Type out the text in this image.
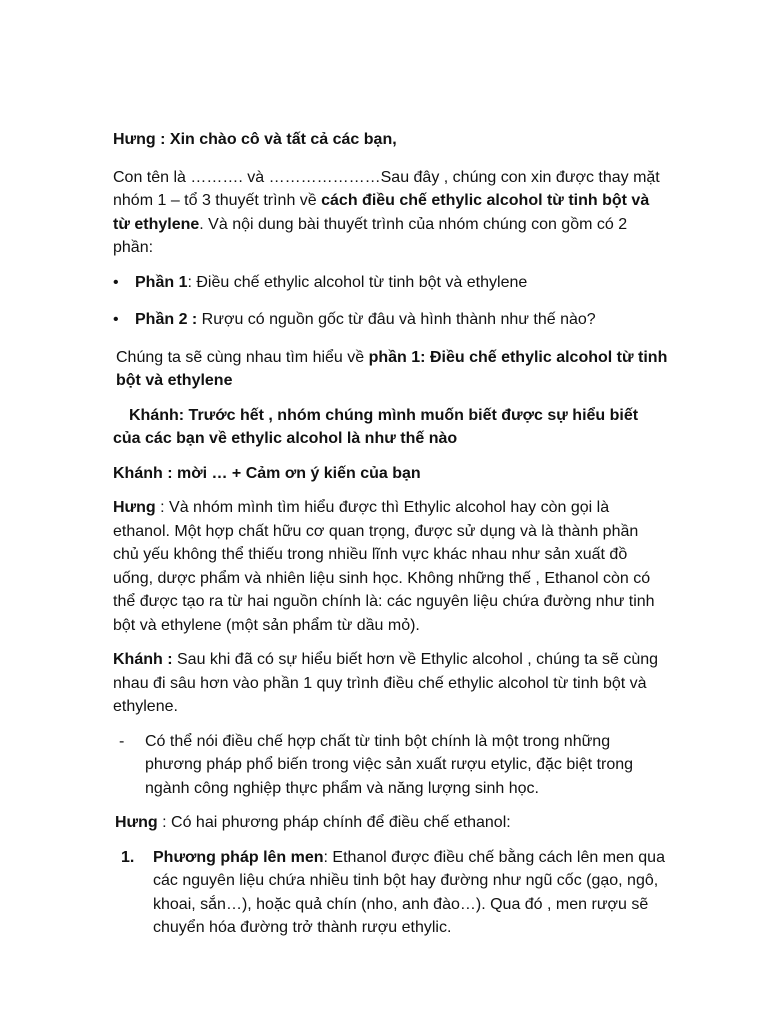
Hưng : Xin chào cô và tất cả các bạn,

Con tên là ………. và …………………Sau đây , chúng con xin được thay mặt nhóm 1 – tổ 3 thuyết trình về cách điều chế ethylic alcohol từ tinh bột và từ ethylene. Và nội dung bài thuyết trình của nhóm chúng con gồm có 2 phần:

• Phần 1: Điều chế ethylic alcohol từ tinh bột và ethylene
• Phần 2 : Rượu có nguồn gốc từ đâu và hình thành như thế nào?

Chúng ta sẽ cùng nhau tìm hiểu về phần 1: Điều chế ethylic alcohol từ tinh bột và ethylene

Khánh: Trước hết , nhóm chúng mình muốn biết được sự hiểu biết của các bạn về ethylic alcohol là như thế nào

Khánh : mời … + Cảm ơn ý kiến của bạn

Hưng : Và nhóm mình tìm hiểu được thì Ethylic alcohol hay còn gọi là ethanol. Một hợp chất hữu cơ quan trọng, được sử dụng và là thành phần chủ yếu không thể thiếu trong nhiều lĩnh vực khác nhau như sản xuất đồ uống, dược phẩm và nhiên liệu sinh học. Không những thế , Ethanol còn có thể được tạo ra từ hai nguồn chính là: các nguyên liệu chứa đường như tinh bột và ethylene (một sản phẩm từ dầu mỏ).

Khánh : Sau khi đã có sự hiểu biết hơn về Ethylic alcohol , chúng ta sẽ cùng nhau đi sâu hơn vào phần 1 quy trình điều chế ethylic alcohol từ tinh bột và ethylene.

- Có thể nói điều chế hợp chất từ tinh bột chính là một trong những phương pháp phổ biến trong việc sản xuất rượu etylic, đặc biệt trong ngành công nghiệp thực phẩm và năng lượng sinh học.

Hưng : Có hai phương pháp chính để điều chế ethanol:

1. Phương pháp lên men: Ethanol được điều chế bằng cách lên men qua các nguyên liệu chứa nhiều tinh bột hay đường như ngũ cốc (gạo, ngô, khoai, sắn…), hoặc quả chín (nho, anh đào…). Qua đó , men rượu sẽ chuyển hóa đường trở thành rượu ethylic.
